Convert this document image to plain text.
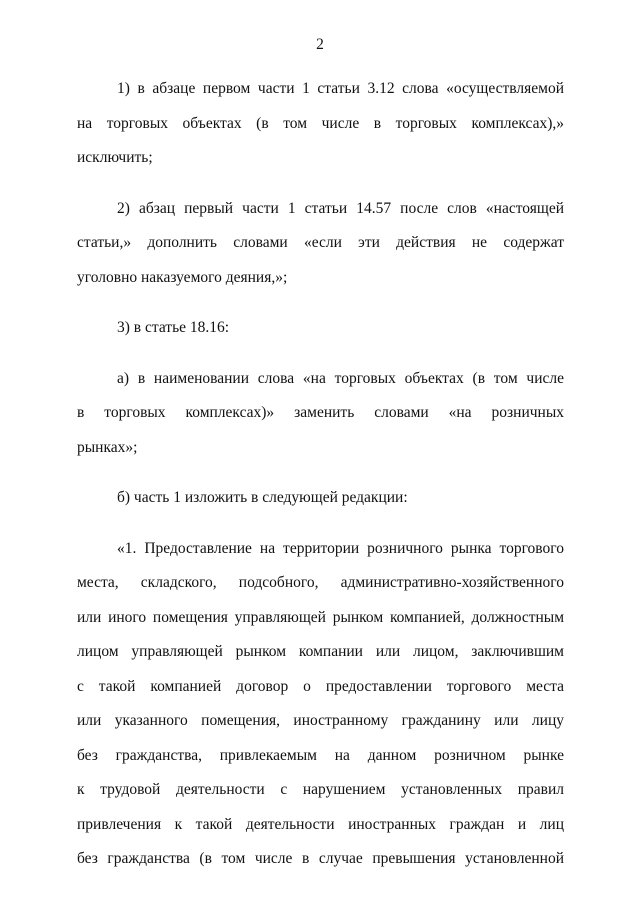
2
1) в абзаце первом части 1 статьи 3.12 слова «осуществляемой
на торговых объектах (в том числе в торговых комплексах),»
исключить;
2) абзац первый части 1 статьи 14.57 после слов «настоящей
статьи,» дополнить словами «если эти действия не содержат
уголовно наказуемого деяния,»;
3) в статье 18.16:
а) в наименовании слова «на торговых объектах (в том числе
в торговых комплексах)» заменить словами «на розничных
рынках»;
б) часть 1 изложить в следующей редакции:
«1. Предоставление на территории розничного рынка торгового
места, складского, подсобного, административно-хозяйственного
или иного помещения управляющей рынком компанией, должностным
лицом управляющей рынком компании или лицом, заключившим
с такой компанией договор о предоставлении торгового места
или указанного помещения, иностранному гражданину или лицу
без гражданства, привлекаемым на данном розничном рынке
к трудовой деятельности с нарушением установленных правил
привлечения к такой деятельности иностранных граждан и лиц
без гражданства (в том числе в случае превышения установленной
